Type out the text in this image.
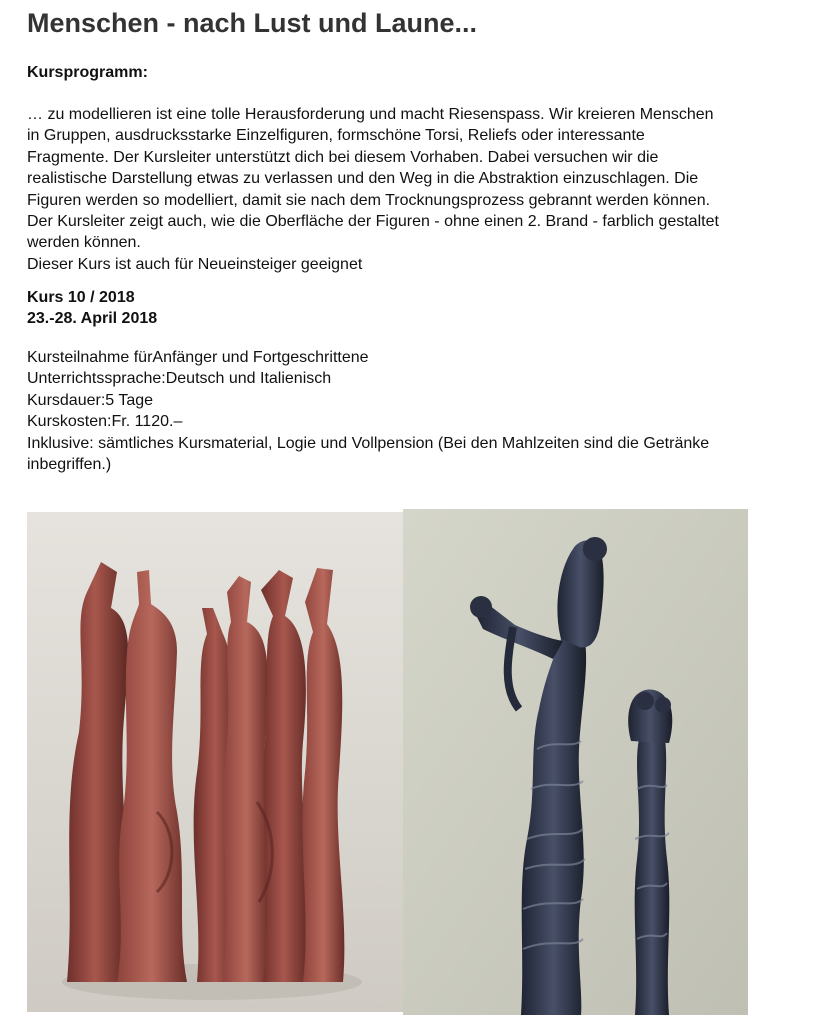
Menschen - nach Lust und Laune...
Kursprogramm:

… zu modellieren ist eine tolle Herausforderung und macht Riesenspass. Wir kreieren Menschen

in Gruppen, ausdrucksstarke Einzelfiguren, formschöne Torsi, Reliefs oder interessante

Fragmente. Der Kursleiter unterstützt dich bei diesem Vorhaben. Dabei versuchen wir die

realistische Darstellung etwas zu verlassen und den Weg in die Abstraktion einzuschlagen. Die

Figuren werden so modelliert, damit sie nach dem Trocknungsprozess gebrannt werden können.

Der Kursleiter zeigt auch, wie die Oberfläche der Figuren - ohne einen 2. Brand - farblich gestaltet

werden können.

Dieser Kurs ist auch für Neueinsteiger geeignet

Kurs 10 / 2018

23.-28. April 2018

Kursteilnahme fürAnfänger und Fortgeschrittene

Unterrichtssprache:Deutsch und Italienisch

Kursdauer:5 Tage

Kurskosten:Fr. 1120.–

Inklusive: sämtliches Kursmaterial, Logie und Vollpension (Bei den Mahlzeiten sind die Getränke

inbegriffen.)
